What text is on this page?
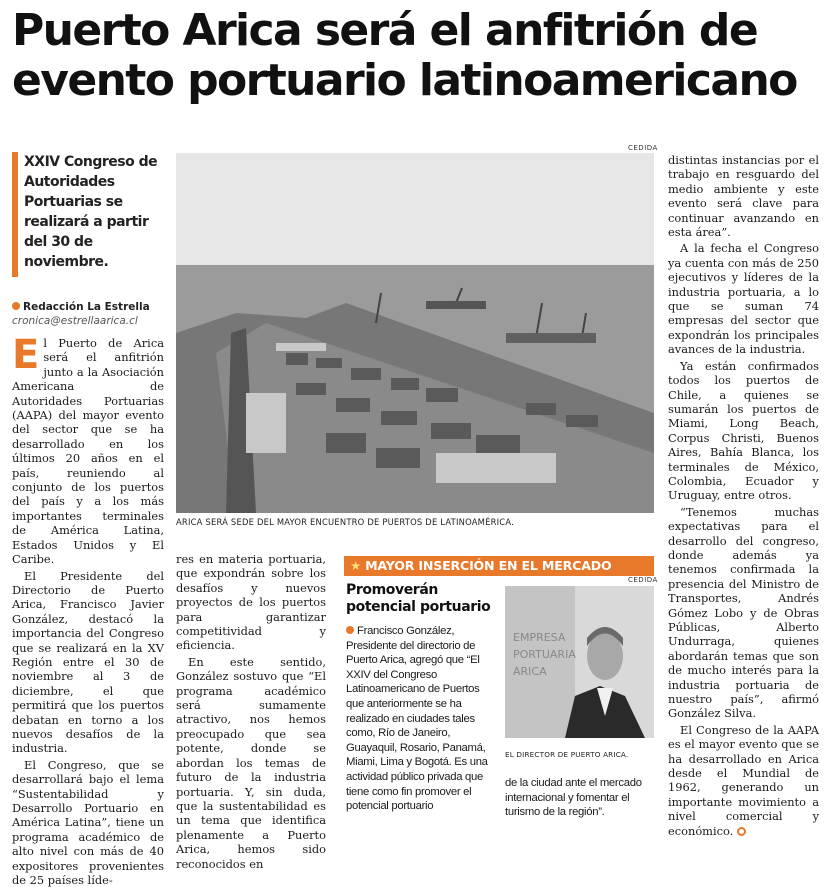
Puerto Arica será el anfitrión de evento portuario latinoamericano
XXIV Congreso de Autoridades Portuarias se realizará a partir del 30 de noviembre.
Redacción La Estrella
cronica@estrellaarica.cl

El Puerto de Arica será el anfitrión junto a la Asociación Americana de Autoridades Portuarias (AAPA) del mayor evento del sector que se ha desarrollado en los últimos 20 años en el país, reuniendo al conjunto de los puertos del país y a los más importantes terminales de América Latina, Estados Unidos y El Caribe.

El Presidente del Directorio de Puerto Arica, Francisco Javier González, destacó la importancia del Congreso que se realizará en la XV Región entre el 30 de noviembre al 3 de diciembre, el que permitirá que los puertos debatan en torno a los nuevos desafíos de la industria.

El Congreso, que se desarrollará bajo el lema “Sustentabilidad y Desarrollo Portuario en América Latina”, tiene un programa académico de alto nivel con más de 40 expositores provenientes de 25 países líde-

CEDIDA
ARICA SERÁ SEDE DEL MAYOR ENCUENTRO DE PUERTOS DE LATINOAMÉRICA.

res en materia portuaria, que expondrán sobre los desafíos y nuevos proyectos de los puertos para garantizar competitividad y eficiencia.

En este sentido, González sostuvo que “El programa académico será sumamente atractivo, nos hemos preocupado que sea potente, donde se abordan los temas de futuro de la industria portuaria. Y, sin duda, que la sustentabilidad es un tema que identifica plenamente a Puerto Arica, hemos sido reconocidos en

★ MAYOR INSERCIÓN EN EL MERCADO
Promoverán potencial portuario
Francisco González, Presidente del directorio de Puerto Arica, agregó que “El XXIV del Congreso Latinoamericano de Puertos que anteriormente se ha realizado en ciudades tales como, Río de Janeiro, Guayaquil, Rosario, Panamá, Miami, Lima y Bogotá. Es una actividad público privada que tiene como fin promover el potencial portuario
CEDIDA
EMPRESA
PORTUARIA
ARICA
EL DIRECTOR DE PUERTO ARICA.
de la ciudad ante el mercado internacional y fomentar el turismo de la región”.

distintas instancias por el trabajo en resguardo del medio ambiente y este evento será clave para continuar avanzando en esta área”.

A la fecha el Congreso ya cuenta con más de 250 ejecutivos y líderes de la industria portuaria, a lo que se suman 74 empresas del sector que expondrán los principales avances de la industria.

Ya están confirmados todos los puertos de Chile, a quienes se sumarán los puertos de Miami, Long Beach, Corpus Christi, Buenos Aires, Bahía Blanca, los terminales de México, Colombia, Ecuador y Uruguay, entre otros.

“Tenemos muchas expectativas para el desarrollo del congreso, donde además ya tenemos confirmada la presencia del Ministro de Transportes, Andrés Gómez Lobo y de Obras Públicas, Alberto Undurraga, quienes abordarán temas que son de mucho interés para la industria portuaria de nuestro país”, afirmó González Silva.

El Congreso de la AAPA es el mayor evento que se ha desarrollado en Arica desde el Mundial de 1962, generando un importante movimiento a nivel comercial y económico.
